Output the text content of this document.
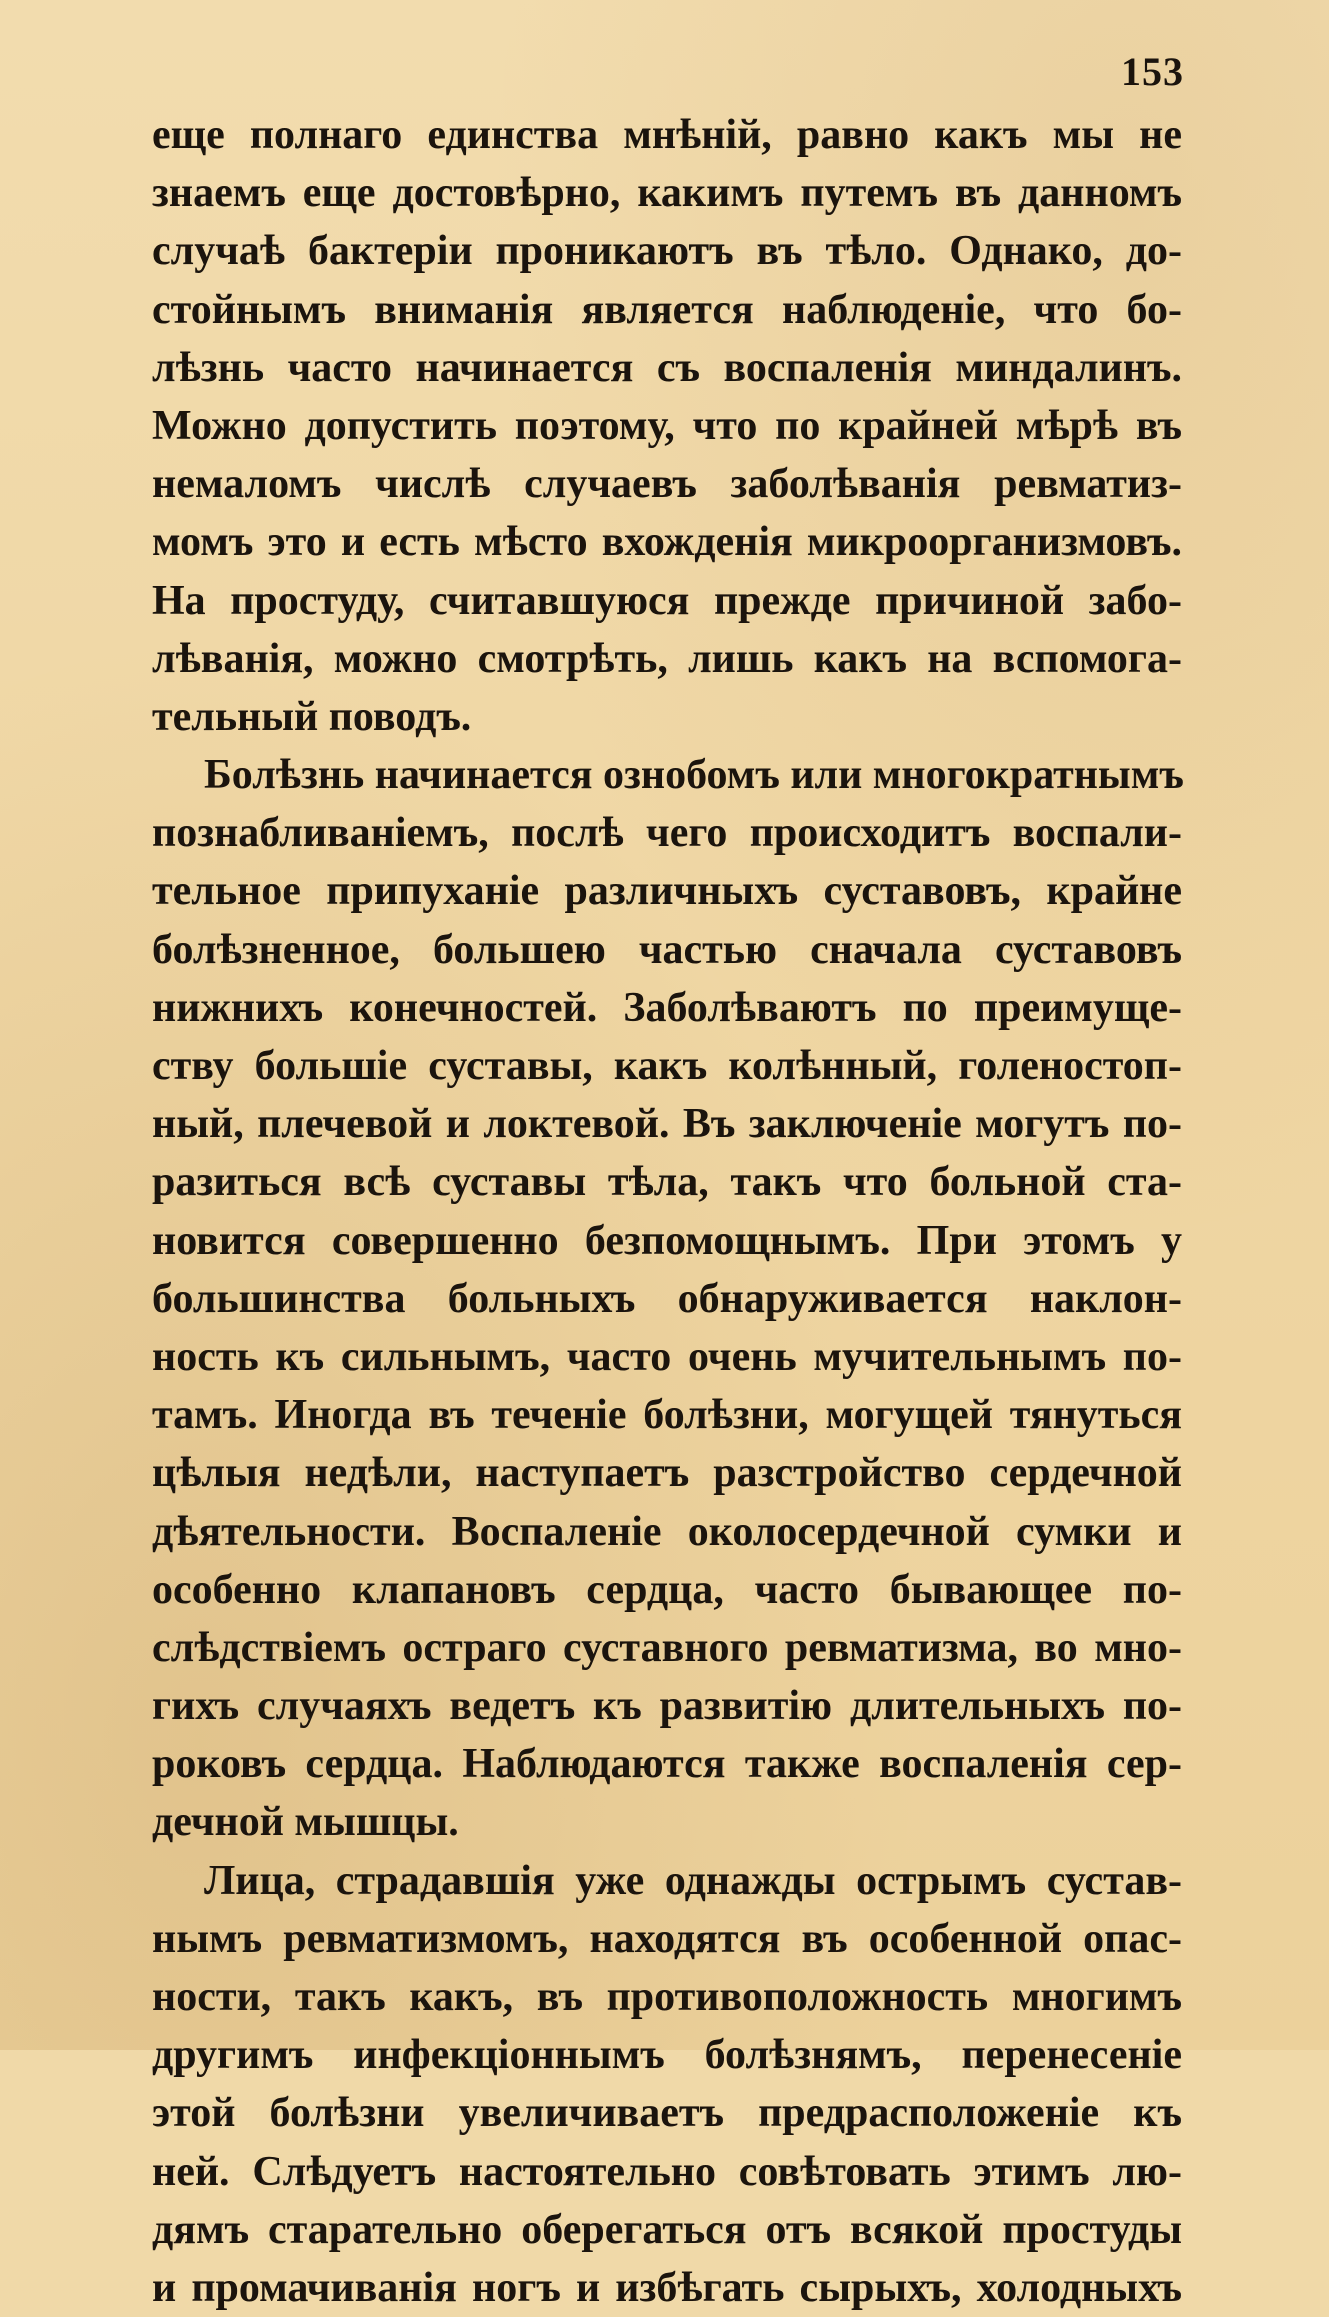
153
еще полнаго единства мнѣній, равно какъ мы не
знаемъ еще достовѣрно, какимъ путемъ въ данномъ
случаѣ бактеріи проникаютъ въ тѣло. Однако, до-
стойнымъ вниманія является наблюденіе, что бо-
лѣзнь часто начинается съ воспаленія миндалинъ.
Можно допустить поэтому, что по крайней мѣрѣ въ
немаломъ числѣ случаевъ заболѣванія ревматиз-
момъ это и есть мѣсто вхожденія микроорганизмовъ.
На простуду, считавшуюся прежде причиной забо-
лѣванія, можно смотрѣть, лишь какъ на вспомога-
тельный поводъ.
Болѣзнь начинается ознобомъ или многократнымъ
познабливаніемъ, послѣ чего происходитъ воспали-
тельное припуханіе различныхъ суставовъ, крайне
болѣзненное, большею частью сначала суставовъ
нижнихъ конечностей. Заболѣваютъ по преимуще-
ству большіе суставы, какъ колѣнный, голеностоп-
ный, плечевой и локтевой. Въ заключеніе могутъ по-
разиться всѣ суставы тѣла, такъ что больной ста-
новится совершенно безпомощнымъ. При этомъ у
большинства больныхъ обнаруживается наклон-
ность къ сильнымъ, часто очень мучительнымъ по-
тамъ. Иногда въ теченіе болѣзни, могущей тянуться
цѣлыя недѣли, наступаетъ разстройство сердечной
дѣятельности. Воспаленіе околосердечной сумки и
особенно клапановъ сердца, часто бывающее по-
слѣдствіемъ остраго суставного ревматизма, во мно-
гихъ случаяхъ ведетъ къ развитію длительныхъ по-
роковъ сердца. Наблюдаются также воспаленія сер-
дечной мышцы.
Лица, страдавшія уже однажды острымъ сустав-
нымъ ревматизмомъ, находятся въ особенной опас-
ности, такъ какъ, въ противоположность многимъ
другимъ инфекціоннымъ болѣзнямъ, перенесеніе
этой болѣзни увеличиваетъ предрасположеніе къ
ней. Слѣдуетъ настоятельно совѣтовать этимъ лю-
дямъ старательно оберегаться отъ всякой простуды
и промачиванія ногъ и избѣгать сырыхъ, холодныхъ
